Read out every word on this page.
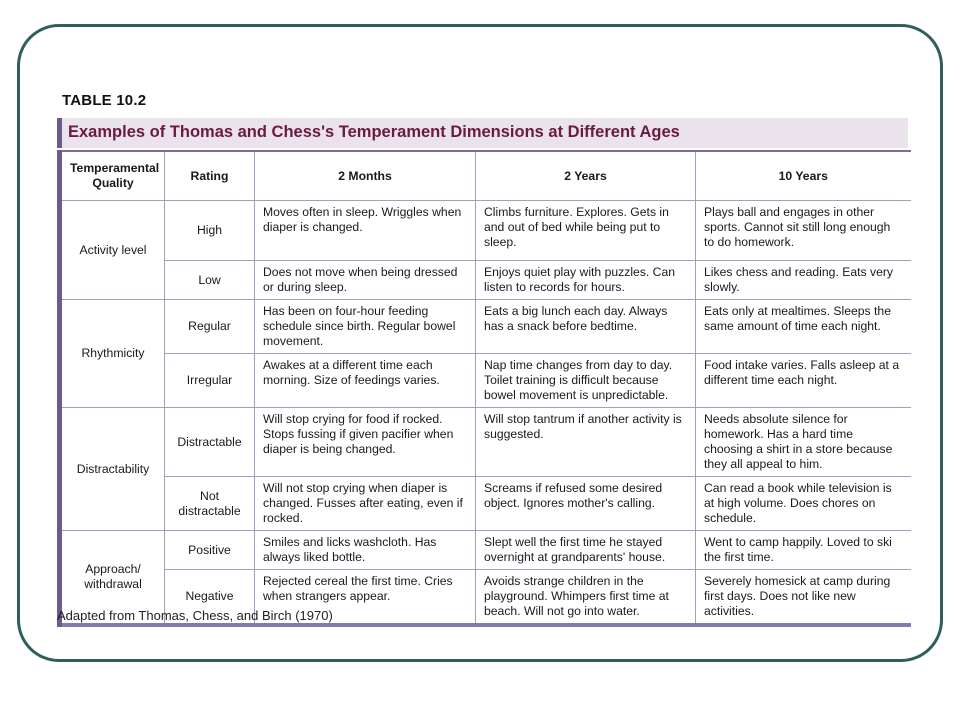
TABLE 10.2
Examples of Thomas and Chess's Temperament Dimensions at Different Ages
Temperamental Quality	Rating	2 Months	2 Years	10 Years
Activity level	High	Moves often in sleep. Wriggles when diaper is changed.	Climbs furniture. Explores. Gets in and out of bed while being put to sleep.	Plays ball and engages in other sports. Cannot sit still long enough to do homework.
	Low	Does not move when being dressed or during sleep.	Enjoys quiet play with puzzles. Can listen to records for hours.	Likes chess and reading. Eats very slowly.
Rhythmicity	Regular	Has been on four-hour feeding schedule since birth. Regular bowel movement.	Eats a big lunch each day. Always has a snack before bedtime.	Eats only at mealtimes. Sleeps the same amount of time each night.
	Irregular	Awakes at a different time each morning. Size of feedings varies.	Nap time changes from day to day. Toilet training is difficult because bowel movement is unpredictable.	Food intake varies. Falls asleep at a different time each night.
Distractability	Distractable	Will stop crying for food if rocked. Stops fussing if given pacifier when diaper is being changed.	Will stop tantrum if another activity is suggested.	Needs absolute silence for homework. Has a hard time choosing a shirt in a store because they all appeal to him.
	Not distractable	Will not stop crying when diaper is changed. Fusses after eating, even if rocked.	Screams if refused some desired object. Ignores mother's calling.	Can read a book while television is at high volume. Does chores on schedule.
Approach/ withdrawal	Positive	Smiles and licks washcloth. Has always liked bottle.	Slept well the first time he stayed overnight at grandparents' house.	Went to camp happily. Loved to ski the first time.
	Negative	Rejected cereal the first time. Cries when strangers appear.	Avoids strange children in the playground. Whimpers first time at beach. Will not go into water.	Severely homesick at camp during first days. Does not like new activities.
Adapted from Thomas, Chess, and Birch (1970)
